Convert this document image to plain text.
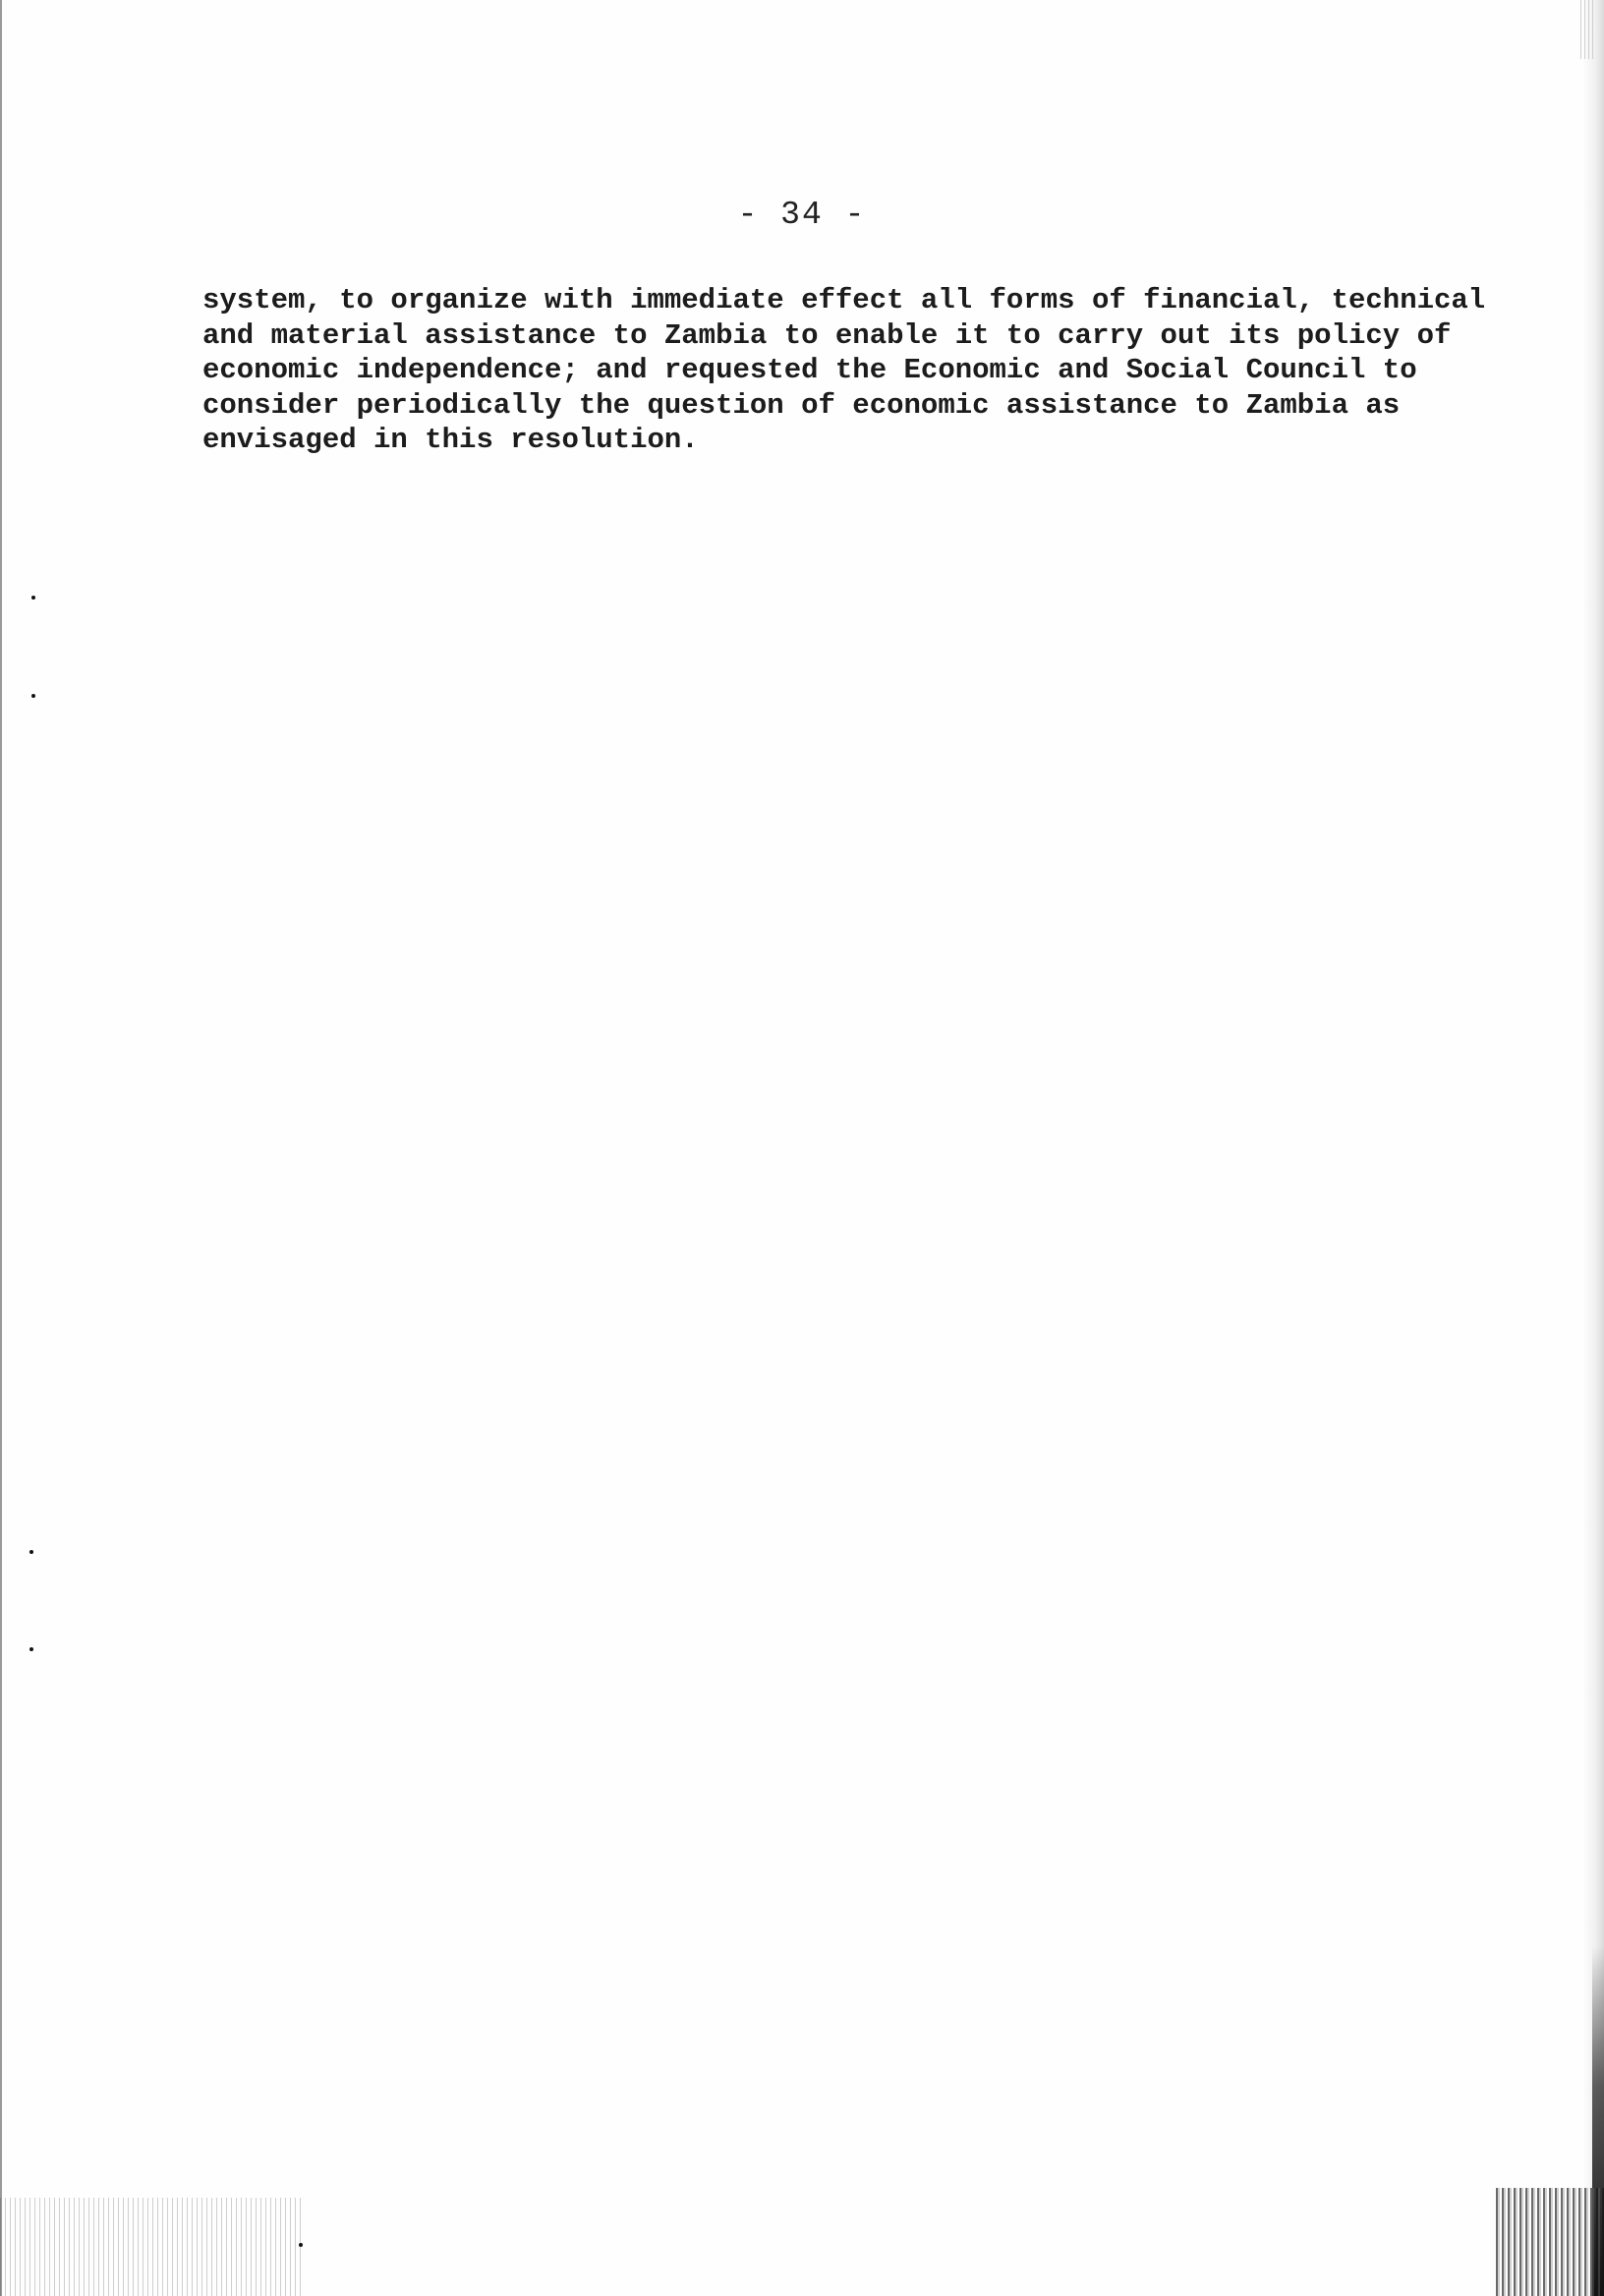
- 34 -
system, to organize with immediate effect all forms of financial, technical
and material assistance to Zambia to enable it to carry out its policy of
economic independence; and requested the Economic and Social Council to
consider periodically the question of economic assistance to Zambia as
envisaged in this resolution.
